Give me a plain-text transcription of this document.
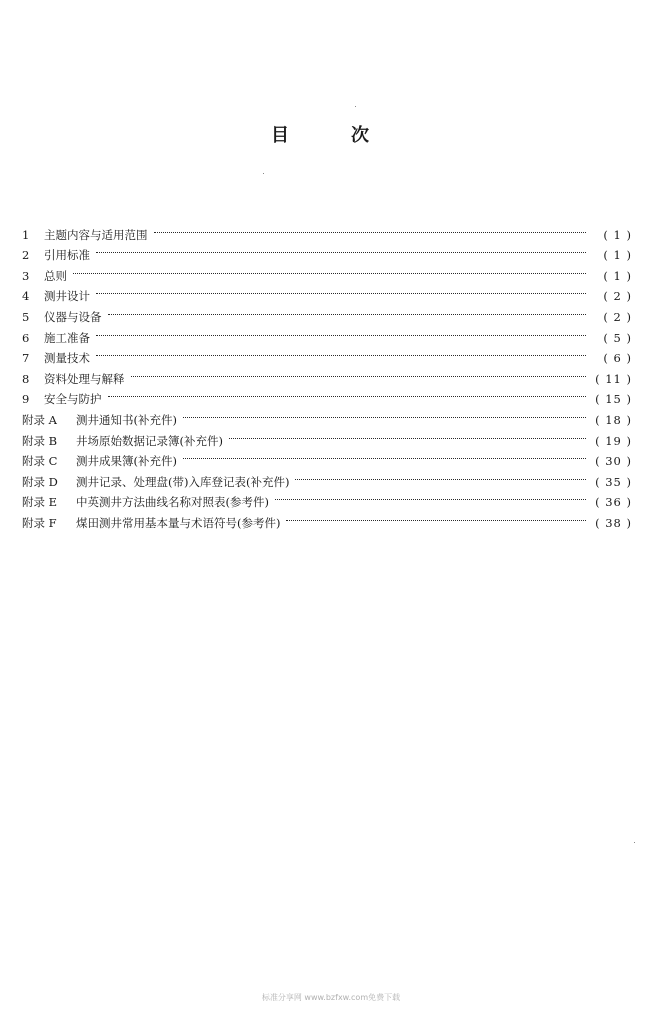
目	次
1	主题内容与适用范围	( 1 )
2	引用标准	( 1 )
3	总则	( 1 )
4	测井设计	( 2 )
5	仪器与设备	( 2 )
6	施工准备	( 5 )
7	测量技术	( 6 )
8	资料处理与解释	( 11 )
9	安全与防护	( 15 )
附录 A	测井通知书(补充件)	( 18 )
附录 B	井场原始数据记录簿(补充件)	( 19 )
附录 C	测井成果簿(补充件)	( 30 )
附录 D	测井记录、处理盘(带)入库登记表(补充件)	( 35 )
附录 E	中英测井方法曲线名称对照表(参考件)	( 36 )
附录 F	煤田测井常用基本量与术语符号(参考件)	( 38 )
标准分享网 www.bzfxw.com免费下载
